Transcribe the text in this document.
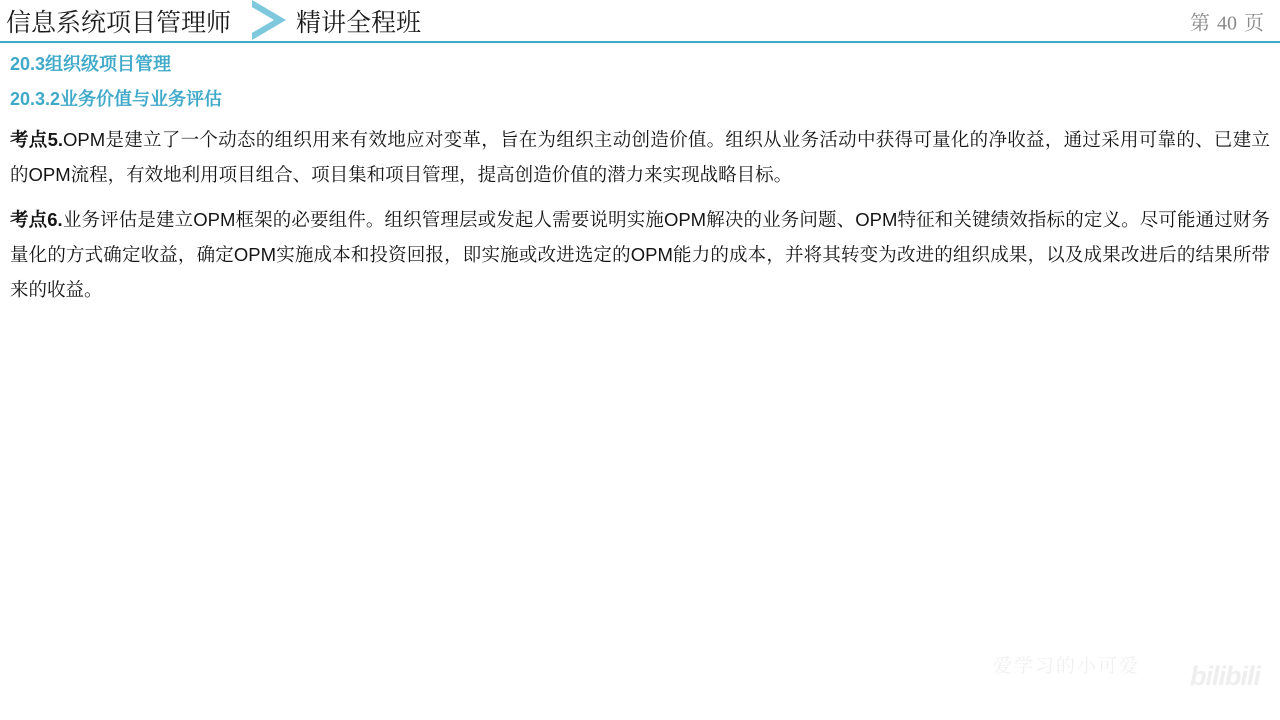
信息系统项目管理师	精讲全程班	第 40 页
20.3组织级项目管理
20.3.2业务价值与业务评估

考点5.OPM是建立了一个动态的组织用来有效地应对变革，旨在为组织主动创造价值。组织从业务活动中获得可量化的净收益，通过采用可靠的、已建立的OPM流程，有效地利用项目组合、项目集和项目管理，提高创造价值的潜力来实现战略目标。

考点6.业务评估是建立OPM框架的必要组件。组织管理层或发起人需要说明实施OPM解决的业务问题、OPM特征和关键绩效指标的定义。尽可能通过财务量化的方式确定收益，确定OPM实施成本和投资回报，即实施或改进选定的OPM能力的成本，并将其转变为改进的组织成果，以及成果改进后的结果所带来的收益。

爱学习的小可爱 bilibili
